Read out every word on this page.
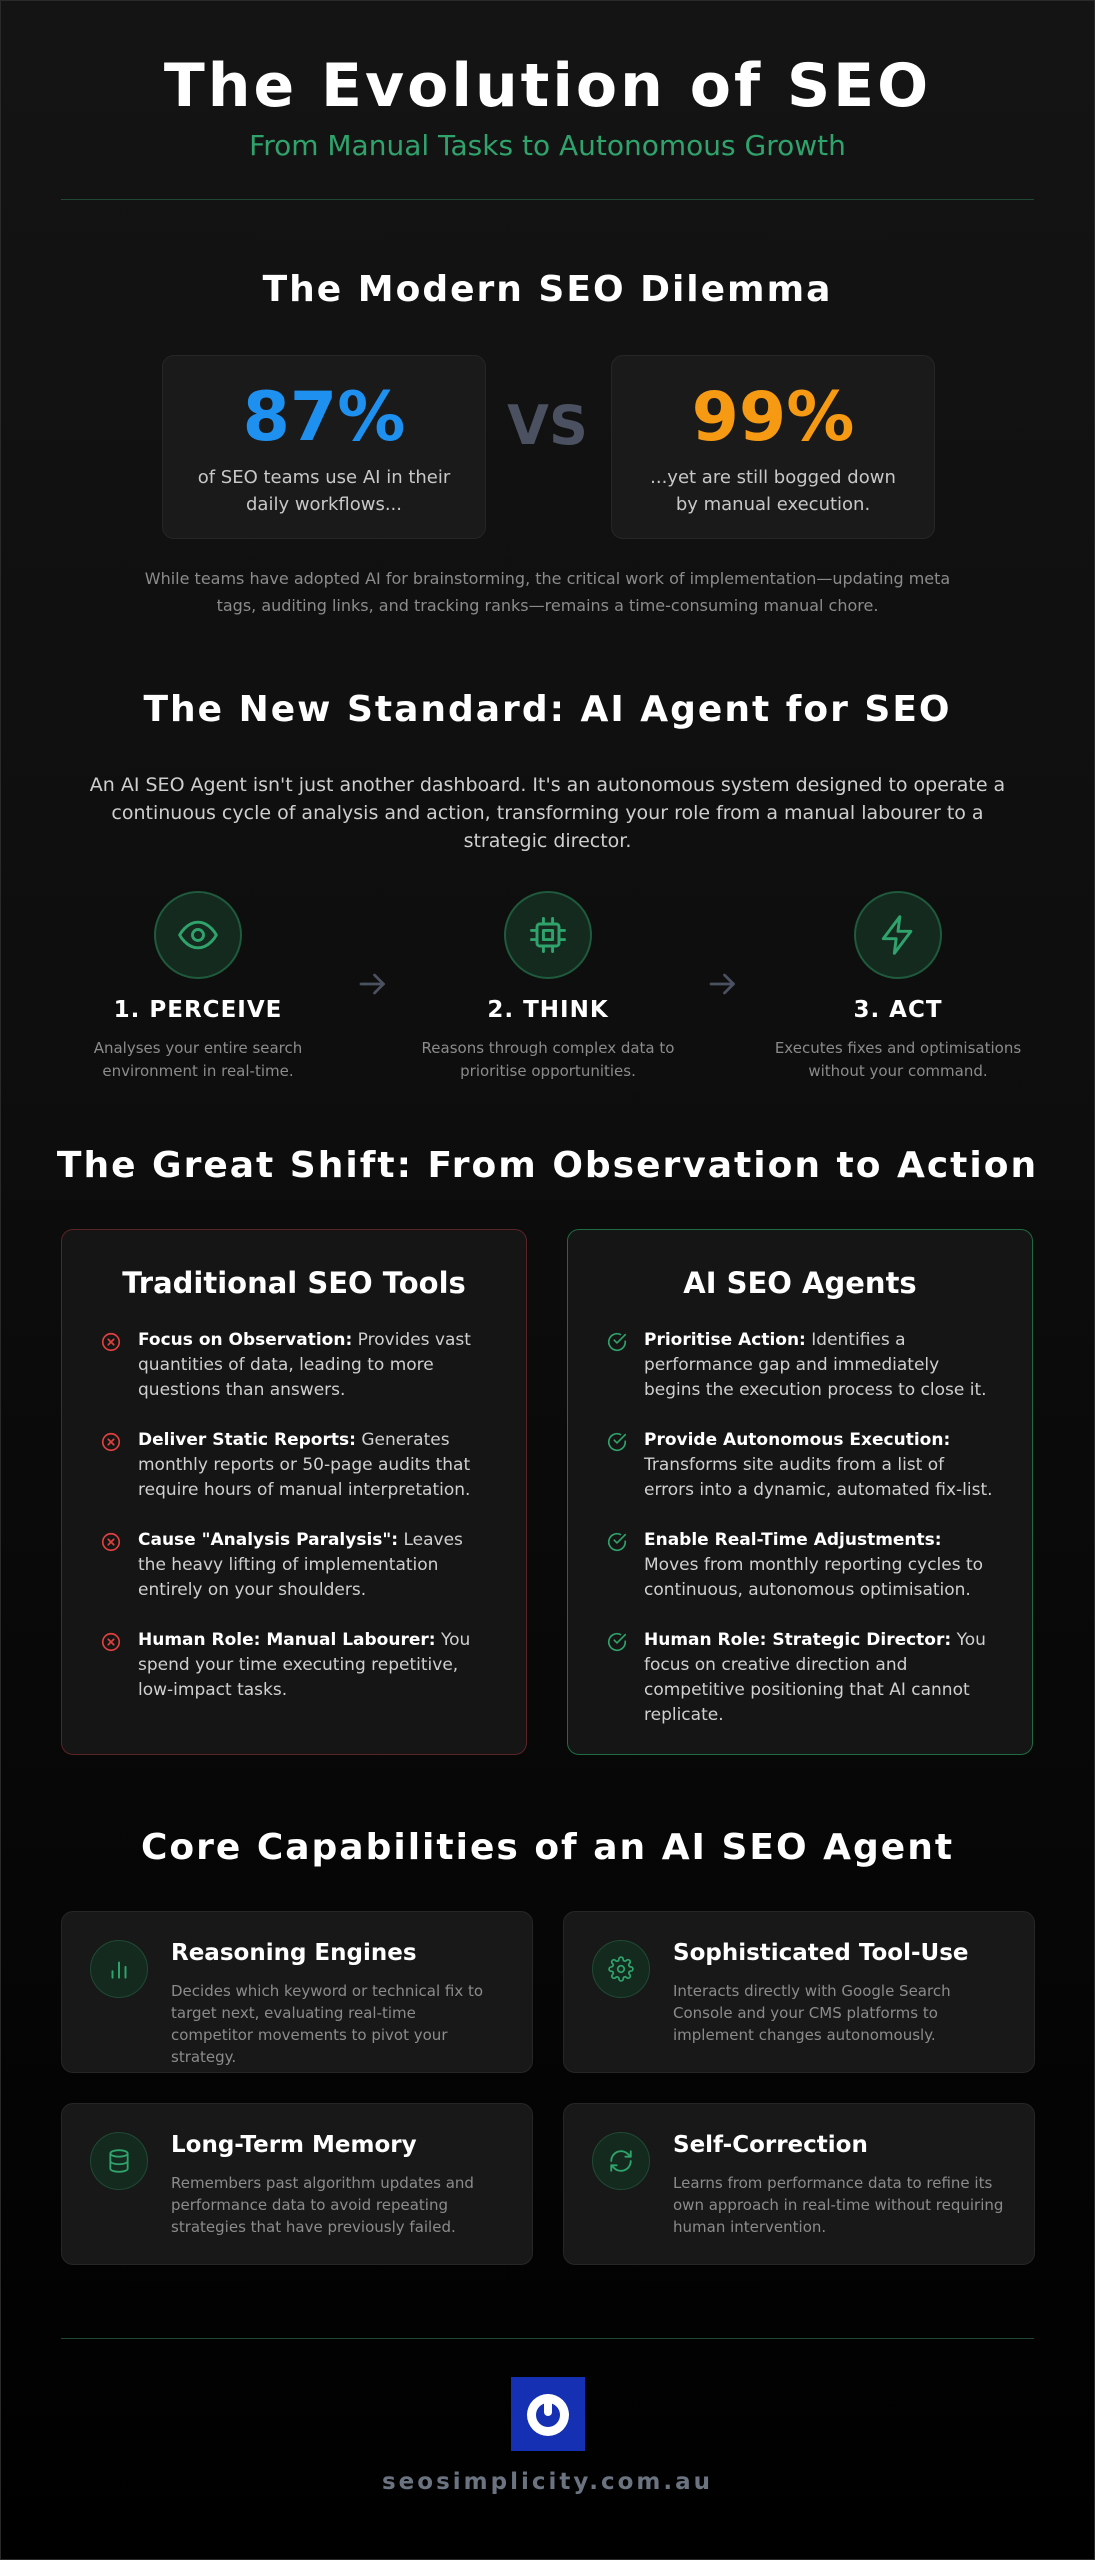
The Evolution of SEO
From Manual Tasks to Autonomous Growth
The Modern SEO Dilemma
87%
of SEO teams use AI in their daily workflows...
VS	99%
...yet are still bogged down by manual execution.
While teams have adopted AI for brainstorming, the critical work of implementation—updating meta tags, auditing links, and tracking ranks—remains a time-consuming manual chore.
The New Standard: AI Agent for SEO
An AI SEO Agent isn't just another dashboard. It's an autonomous system designed to operate a continuous cycle of analysis and action, transforming your role from a manual labourer to a strategic director.
1. PERCEIVE
Analyses your entire search environment in real-time.
2. THINK
Reasons through complex data to prioritise opportunities.
3. ACT
Executes fixes and optimisations without your command.
The Great Shift: From Observation to Action
Traditional SEO Tools
Focus on Observation: Provides vast quantities of data, leading to more questions than answers.
Deliver Static Reports: Generates monthly reports or 50-page audits that require hours of manual interpretation.
Cause "Analysis Paralysis": Leaves the heavy lifting of implementation entirely on your shoulders.
Human Role: Manual Labourer: You spend your time executing repetitive, low-impact tasks.
AI SEO Agents
Prioritise Action: Identifies a performance gap and immediately begins the execution process to close it.
Provide Autonomous Execution: Transforms site audits from a list of errors into a dynamic, automated fix-list.
Enable Real-Time Adjustments: Moves from monthly reporting cycles to continuous, autonomous optimisation.
Human Role: Strategic Director: You focus on creative direction and competitive positioning that AI cannot replicate.
Core Capabilities of an AI SEO Agent
Reasoning Engines
Decides which keyword or technical fix to target next, evaluating real-time competitor movements to pivot your strategy.
Sophisticated Tool-Use
Interacts directly with Google Search Console and your CMS platforms to implement changes autonomously.
Long-Term Memory
Remembers past algorithm updates and performance data to avoid repeating strategies that have previously failed.
Self-Correction
Learns from performance data to refine its own approach in real-time without requiring human intervention.
seosimplicity.com.au
